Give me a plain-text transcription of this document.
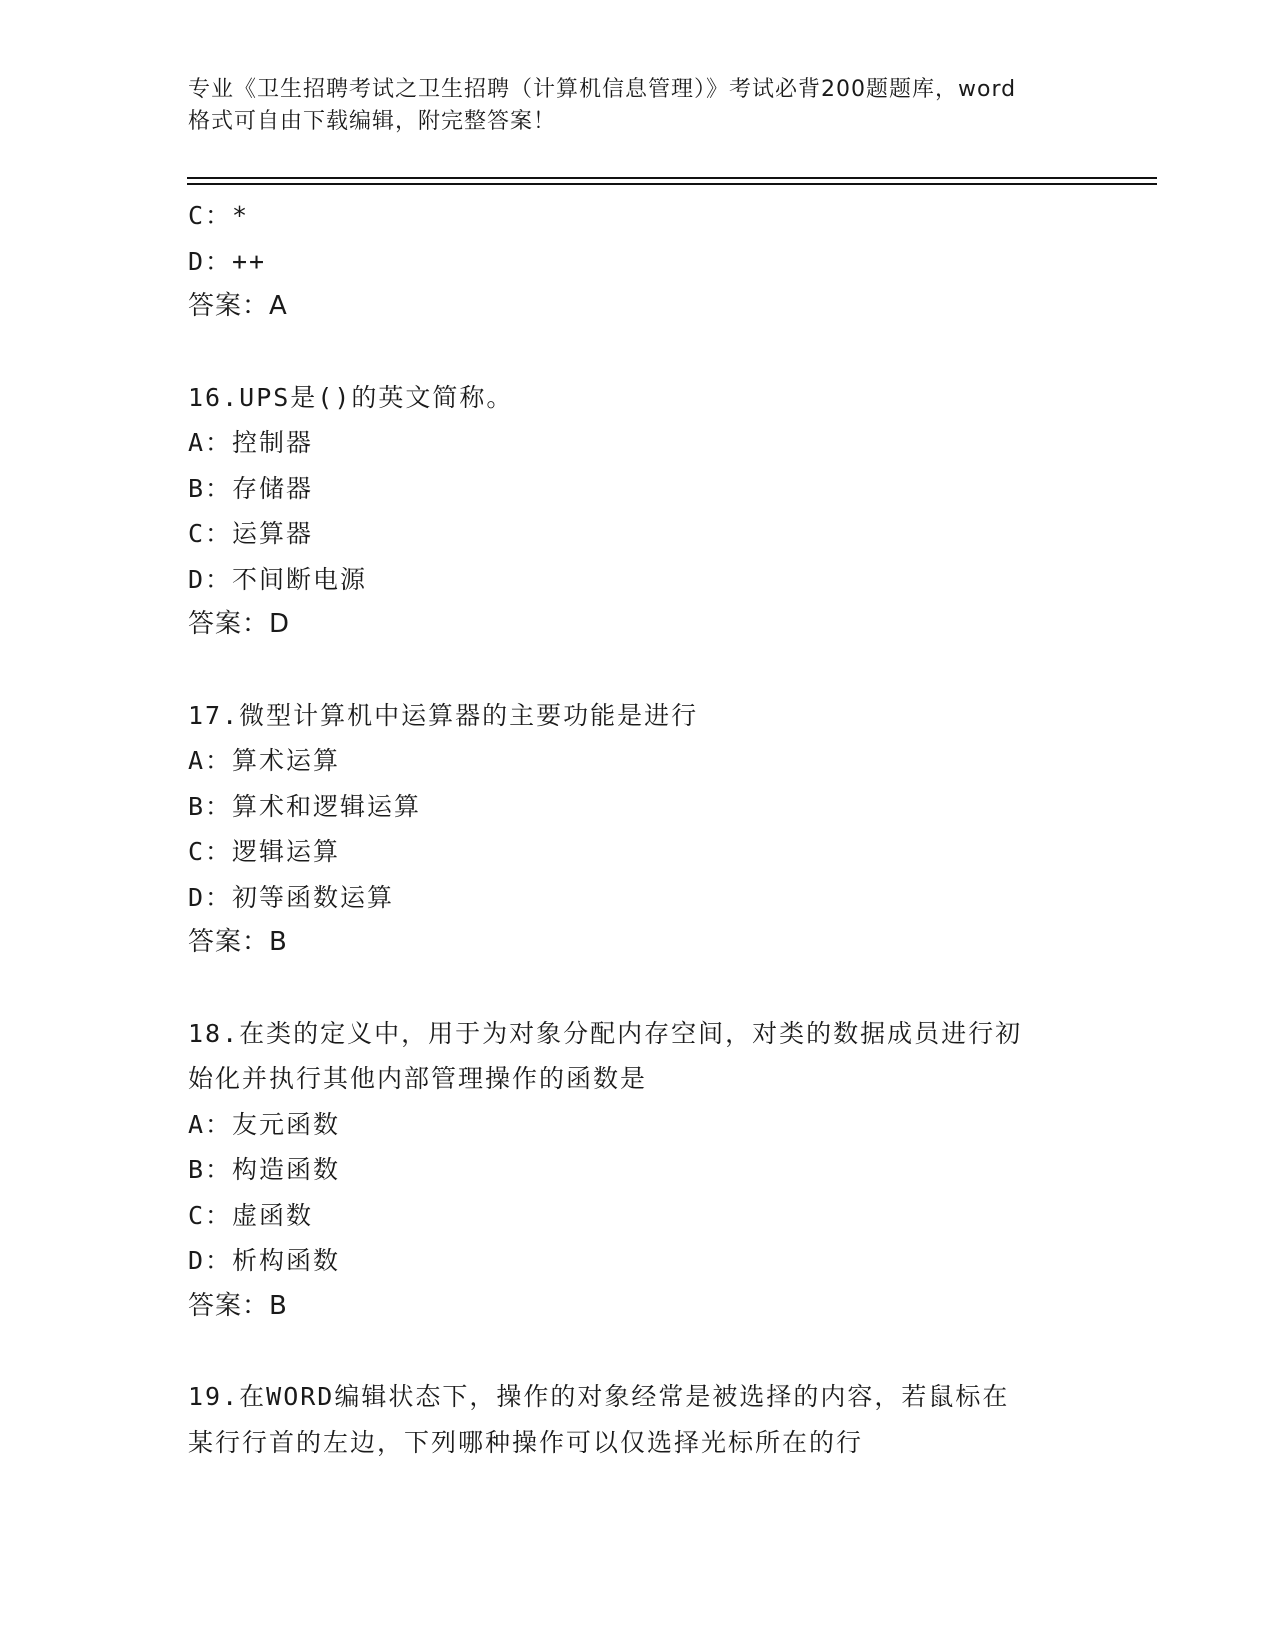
专业《卫生招聘考试之卫生招聘（计算机信息管理）》考试必背200题题库，word
格式可自由下载编辑，附完整答案！
C：*
D：++
答案：A
16.UPS是()的英文简称。
A：控制器
B：存储器
C：运算器
D：不间断电源
答案：D
17.微型计算机中运算器的主要功能是进行
A：算术运算
B：算术和逻辑运算
C：逻辑运算
D：初等函数运算
答案：B
18.在类的定义中，用于为对象分配内存空间，对类的数据成员进行初
始化并执行其他内部管理操作的函数是
A：友元函数
B：构造函数
C：虚函数
D：析构函数
答案：B
19.在WORD编辑状态下，操作的对象经常是被选择的内容，若鼠标在
某行行首的左边，下列哪种操作可以仅选择光标所在的行
